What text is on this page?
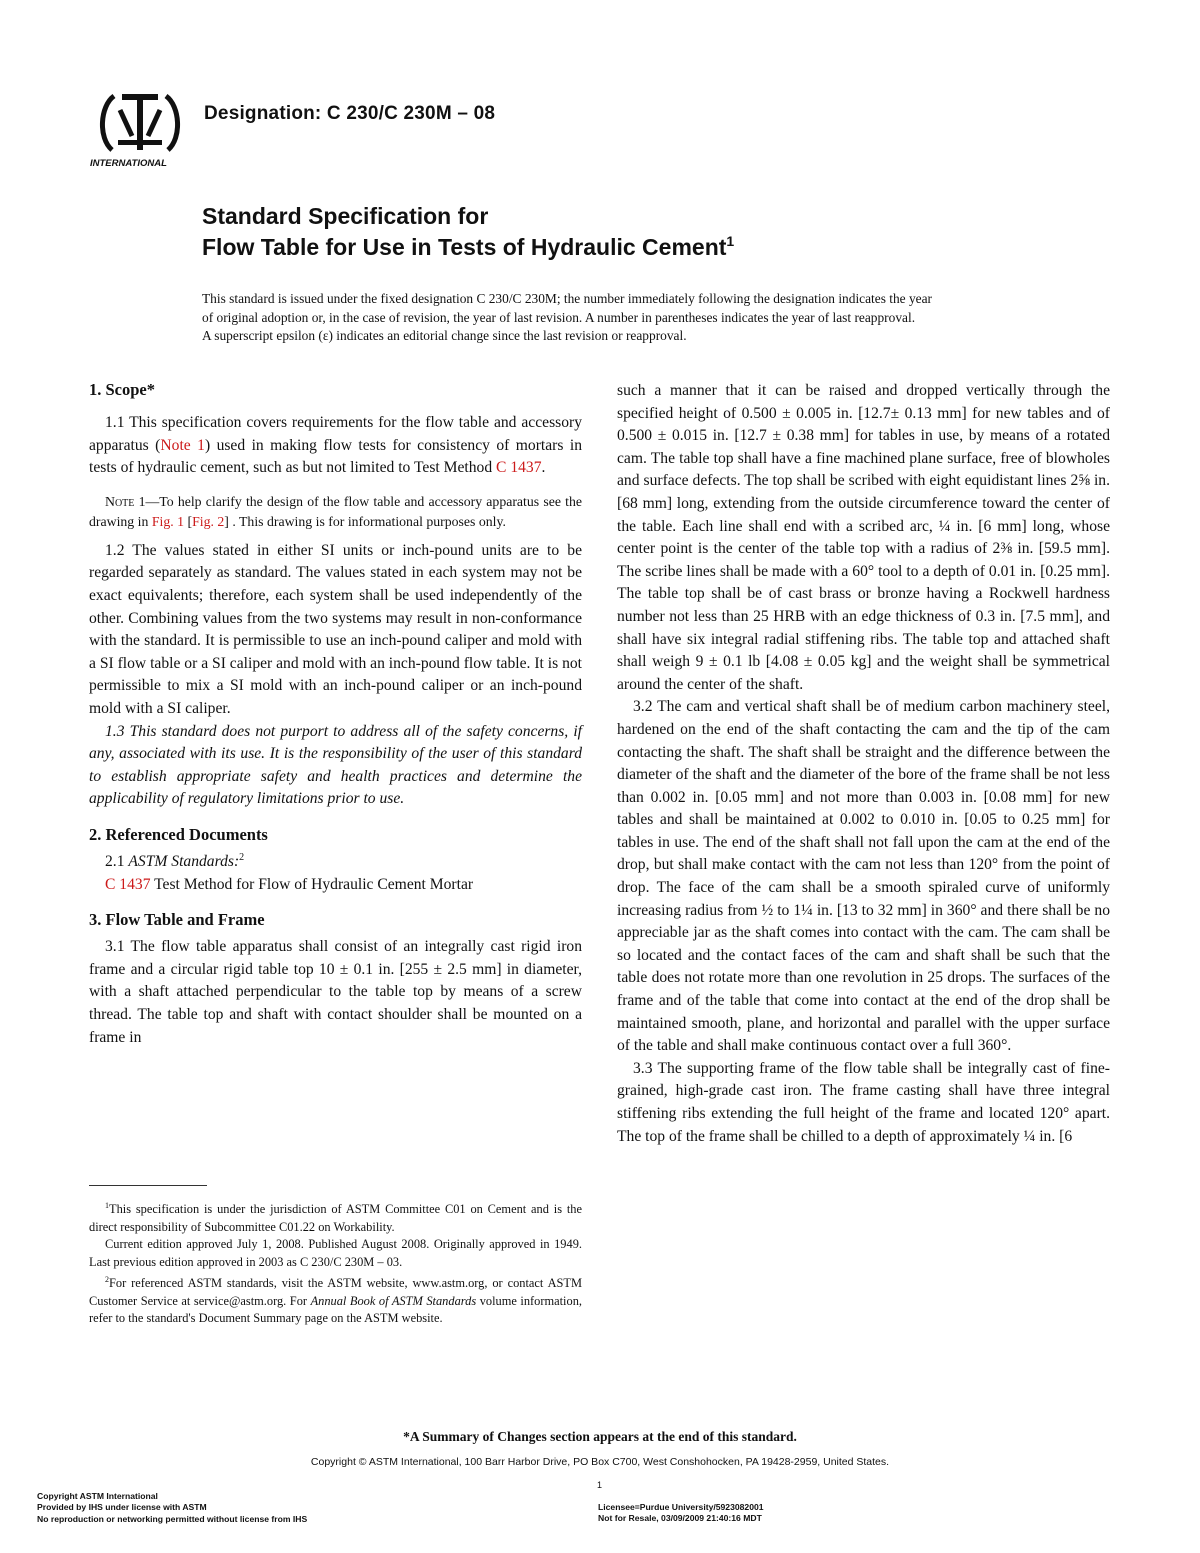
INTERNATIONAL
Designation: C 230/C 230M – 08
Standard Specification for
Flow Table for Use in Tests of Hydraulic Cement$^1$

This standard is issued under the fixed designation C 230/C 230M; the number immediately following the designation indicates the year

of original adoption or, in the case of revision, the year of last revision. A number in parentheses indicates the year of last reapproval.

A superscript epsilon (ε) indicates an editorial change since the last revision or reapproval.

1. Scope*

1.1 This specification covers requirements for the flow table and accessory apparatus (Note 1) used in making flow tests for consistency of mortars in tests of hydraulic cement, such as but not limited to Test Method C 1437.

Note 1—To help clarify the design of the flow table and accessory apparatus see the drawing in Fig. 1 [Fig. 2] . This drawing is for informational purposes only.

1.2 The values stated in either SI units or inch-pound units are to be regarded separately as standard. The values stated in each system may not be exact equivalents; therefore, each system shall be used independently of the other. Combining values from the two systems may result in non-conformance with the standard. It is permissible to use an inch-pound caliper and mold with a SI flow table or a SI caliper and mold with an inch-pound flow table. It is not permissible to mix a SI mold with an inch-pound caliper or an inch-pound mold with a SI caliper.

1.3 This standard does not purport to address all of the safety concerns, if any, associated with its use. It is the responsibility of the user of this standard to establish appropriate safety and health practices and determine the applicability of regulatory limitations prior to use.

2. Referenced Documents

2.1 ASTM Standards:$^2$

C 1437 Test Method for Flow of Hydraulic Cement Mortar

3. Flow Table and Frame

3.1 The flow table apparatus shall consist of an integrally cast rigid iron frame and a circular rigid table top 10 ± 0.1 in. [255 ± 2.5 mm] in diameter, with a shaft attached perpendicular to the table top by means of a screw thread. The table top and shaft with contact shoulder shall be mounted on a frame in

$^1$This specification is under the jurisdiction of ASTM Committee C01 on Cement and is the direct responsibility of Subcommittee C01.22 on Workability.

Current edition approved July 1, 2008. Published August 2008. Originally approved in 1949. Last previous edition approved in 2003 as C 230/C 230M – 03.

$^2$For referenced ASTM standards, visit the ASTM website, www.astm.org, or contact ASTM Customer Service at service@astm.org. For Annual Book of ASTM Standards volume information, refer to the standard's Document Summary page on the ASTM website.

such a manner that it can be raised and dropped vertically through the specified height of 0.500 ± 0.005 in. [12.7± 0.13 mm] for new tables and of 0.500 ± 0.015 in. [12.7 ± 0.38 mm] for tables in use, by means of a rotated cam. The table top shall have a fine machined plane surface, free of blowholes and surface defects. The top shall be scribed with eight equidistant lines 2⅝ in. [68 mm] long, extending from the outside circumference toward the center of the table. Each line shall end with a scribed arc, ¼ in. [6 mm] long, whose center point is the center of the table top with a radius of 2⅜ in. [59.5 mm]. The scribe lines shall be made with a 60° tool to a depth of 0.01 in. [0.25 mm]. The table top shall be of cast brass or bronze having a Rockwell hardness number not less than 25 HRB with an edge thickness of 0.3 in. [7.5 mm], and shall have six integral radial stiffening ribs. The table top and attached shaft shall weigh 9 ± 0.1 lb [4.08 ± 0.05 kg] and the weight shall be symmetrical around the center of the shaft.

3.2 The cam and vertical shaft shall be of medium carbon machinery steel, hardened on the end of the shaft contacting the cam and the tip of the cam contacting the shaft. The shaft shall be straight and the difference between the diameter of the shaft and the diameter of the bore of the frame shall be not less than 0.002 in. [0.05 mm] and not more than 0.003 in. [0.08 mm] for new tables and shall be maintained at 0.002 to 0.010 in. [0.05 to 0.25 mm] for tables in use. The end of the shaft shall not fall upon the cam at the end of the drop, but shall make contact with the cam not less than 120° from the point of drop. The face of the cam shall be a smooth spiraled curve of uniformly increasing radius from ½ to 1¼ in. [13 to 32 mm] in 360° and there shall be no appreciable jar as the shaft comes into contact with the cam. The cam shall be so located and the contact faces of the cam and shaft shall be such that the table does not rotate more than one revolution in 25 drops. The surfaces of the frame and of the table that come into contact at the end of the drop shall be maintained smooth, plane, and horizontal and parallel with the upper surface of the table and shall make continuous contact over a full 360°.

3.3 The supporting frame of the flow table shall be integrally cast of fine-grained, high-grade cast iron. The frame casting shall have three integral stiffening ribs extending the full height of the frame and located 120° apart. The top of the frame shall be chilled to a depth of approximately ¼ in. [6

*A Summary of Changes section appears at the end of this standard.
Copyright © ASTM International, 100 Barr Harbor Drive, PO Box C700, West Conshohocken, PA 19428-2959, United States.
1
Copyright ASTM International
Provided by IHS under license with ASTM
No reproduction or networking permitted without license from IHS
Licensee=Purdue University/5923082001
Not for Resale, 03/09/2009 21:40:16 MDT
